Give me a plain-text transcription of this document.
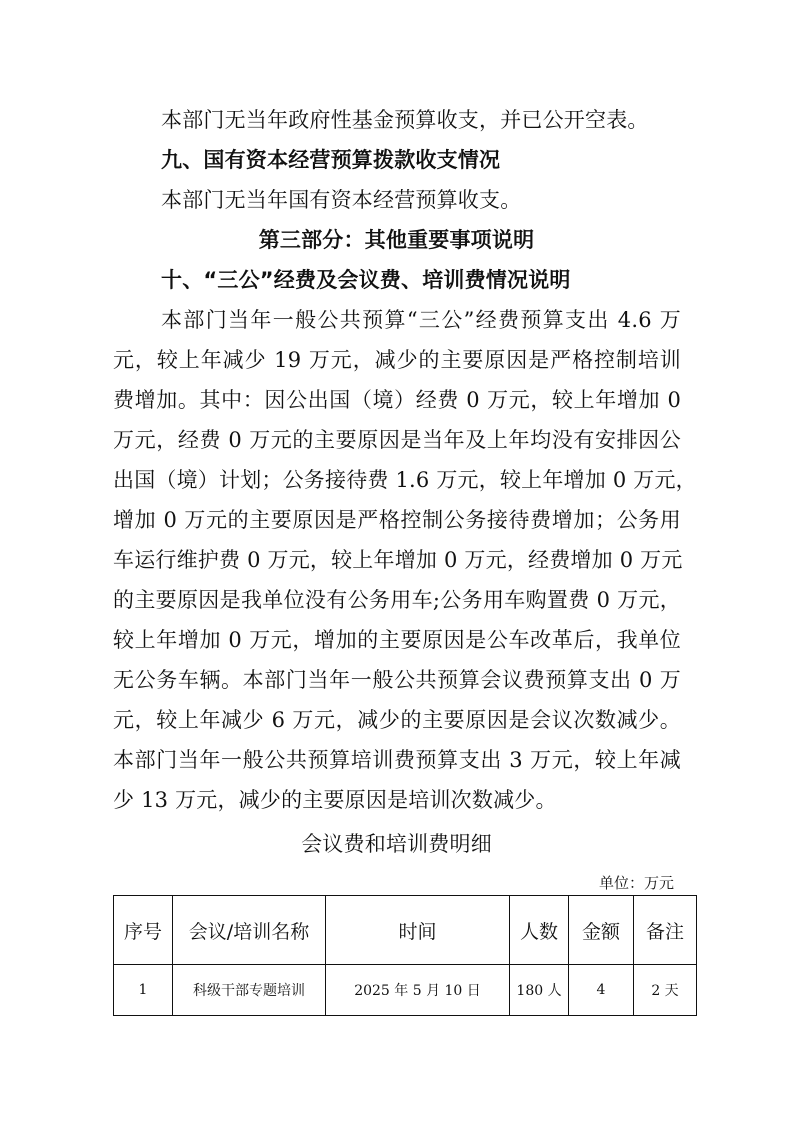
本部门无当年政府性基金预算收支，并已公开空表。

九、国有资本经营预算拨款收支情况

本部门无当年国有资本经营预算收支。

第三部分：其他重要事项说明

十、“三公”经费及会议费、培训费情况说明

本部门当年一般公共预算“三公”经费预算支出 4.6 万

元，较上年减少 19 万元，减少的主要原因是严格控制培训

费增加。其中：因公出国（境）经费 0 万元，较上年增加 0

万元，经费 0 万元的主要原因是当年及上年均没有安排因公

出国（境）计划；公务接待费 1.6 万元，较上年增加 0 万元，

增加 0 万元的主要原因是严格控制公务接待费增加；公务用

车运行维护费 0 万元，较上年增加 0 万元，经费增加 0 万元

的主要原因是我单位没有公务用车;公务用车购置费 0 万元，

较上年增加 0 万元，增加的主要原因是公车改革后，我单位

无公务车辆。本部门当年一般公共预算会议费预算支出 0 万

元，较上年减少 6 万元，减少的主要原因是会议次数减少。

本部门当年一般公共预算培训费预算支出 3 万元，较上年减

少 13 万元，减少的主要原因是培训次数减少。

会议费和培训费明细

单位：万元
序号	会议/培训名称	时间	人数	金额	备注
1	科级干部专题培训	2025 年 5 月 10 日	180 人	4	2 天
